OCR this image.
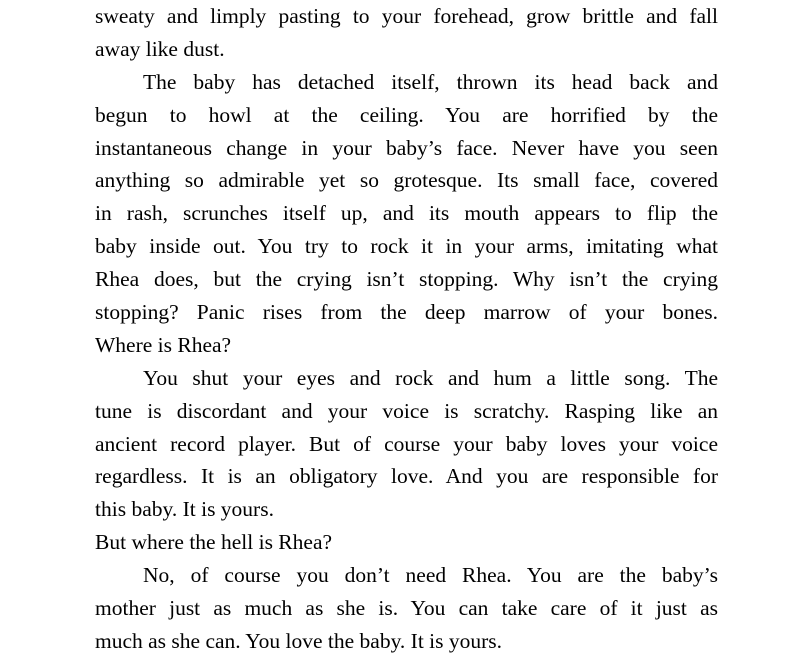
sweaty and limply pasting to your forehead, grow brittle and fall
away like dust.
The baby has detached itself, thrown its head back and
begun to howl at the ceiling. You are horrified by the
instantaneous change in your baby’s face. Never have you seen
anything so admirable yet so grotesque. Its small face, covered
in rash, scrunches itself up, and its mouth appears to flip the
baby inside out. You try to rock it in your arms, imitating what
Rhea does, but the crying isn’t stopping. Why isn’t the crying
stopping? Panic rises from the deep marrow of your bones.
Where is Rhea?
You shut your eyes and rock and hum a little song. The
tune is discordant and your voice is scratchy. Rasping like an
ancient record player. But of course your baby loves your voice
regardless. It is an obligatory love. And you are responsible for
this baby. It is yours.
But where the hell is Rhea?
No, of course you don’t need Rhea. You are the baby’s
mother just as much as she is. You can take care of it just as
much as she can. You love the baby. It is yours.
